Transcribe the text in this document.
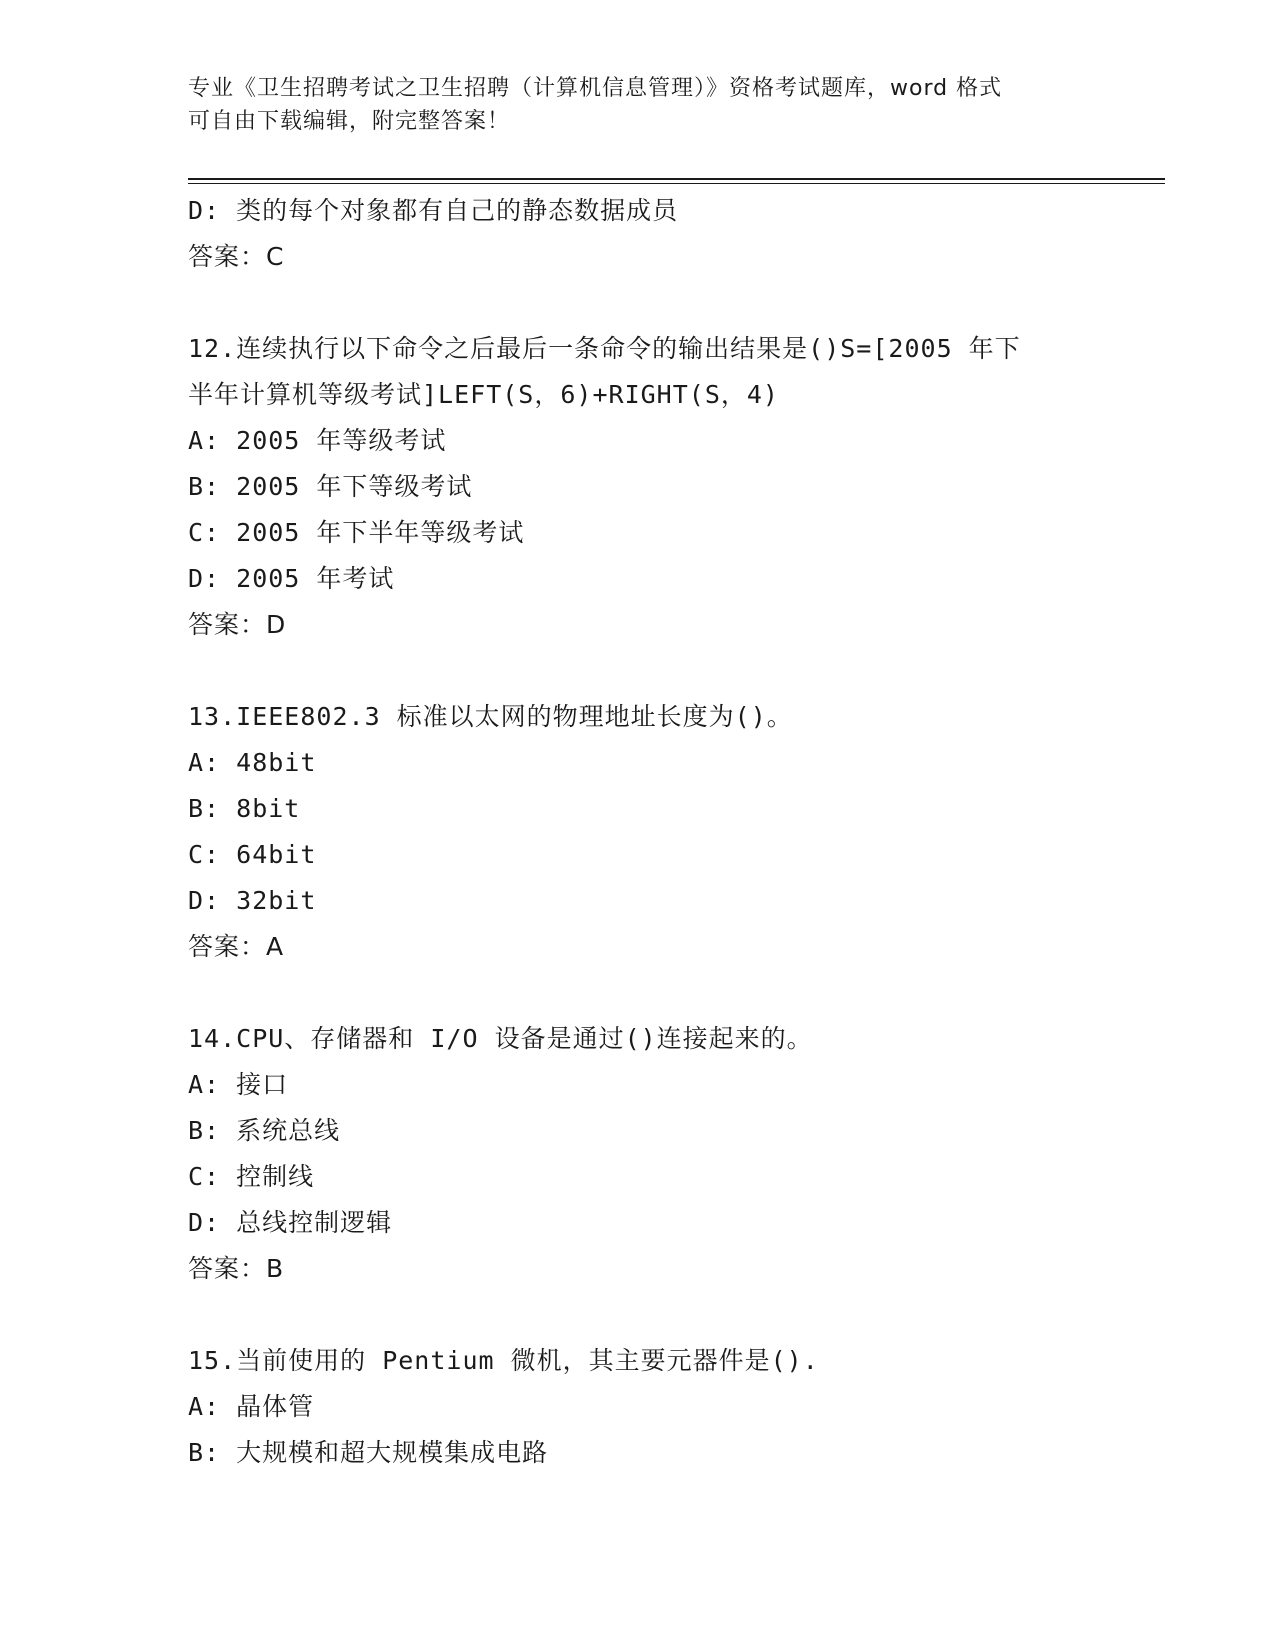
专业《卫生招聘考试之卫生招聘（计算机信息管理）》资格考试题库，word 格式
可自由下载编辑，附完整答案！
D: 类的每个对象都有自己的静态数据成员
答案：C
12.连续执行以下命令之后最后一条命令的输出结果是()S=[2005 年下
半年计算机等级考试]LEFT(S，6)+RIGHT(S，4)
A: 2005 年等级考试
B: 2005 年下等级考试
C: 2005 年下半年等级考试
D: 2005 年考试
答案：D
13.IEEE802.3 标准以太网的物理地址长度为()。
A: 48bit
B: 8bit
C: 64bit
D: 32bit
答案：A
14.CPU、存储器和 I/O 设备是通过()连接起来的。
A: 接口
B: 系统总线
C: 控制线
D: 总线控制逻辑
答案：B
15.当前使用的 Pentium 微机，其主要元器件是().
A: 晶体管
B: 大规模和超大规模集成电路
